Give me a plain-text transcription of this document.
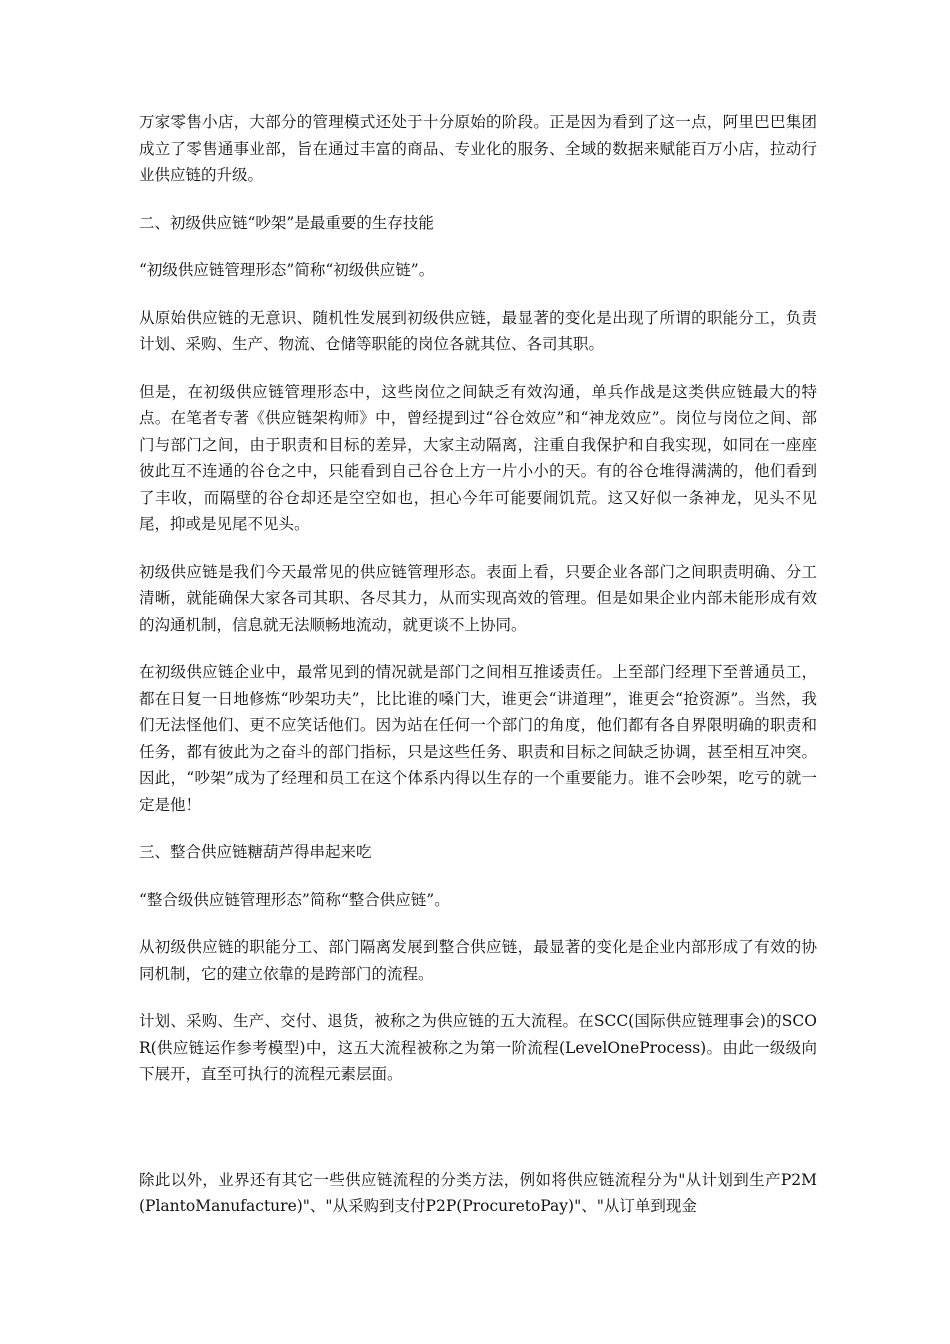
万家零售小店，大部分的管理模式还处于十分原始的阶段。正是因为看到了这一点，阿里巴巴集团成立了零售通事业部，旨在通过丰富的商品、专业化的服务、全域的数据来赋能百万小店，拉动行业供应链的升级。

二、初级供应链“吵架”是最重要的生存技能

“初级供应链管理形态”简称“初级供应链”。

从原始供应链的无意识、随机性发展到初级供应链，最显著的变化是出现了所谓的职能分工，负责计划、采购、生产、物流、仓储等职能的岗位各就其位、各司其职。

但是，在初级供应链管理形态中，这些岗位之间缺乏有效沟通，单兵作战是这类供应链最大的特点。在笔者专著《供应链架构师》中，曾经提到过“谷仓效应”和“神龙效应”。岗位与岗位之间、部门与部门之间，由于职责和目标的差异，大家主动隔离，注重自我保护和自我实现，如同在一座座彼此互不连通的谷仓之中，只能看到自己谷仓上方一片小小的天。有的谷仓堆得满满的，他们看到了丰收，而隔壁的谷仓却还是空空如也，担心今年可能要闹饥荒。这又好似一条神龙，见头不见尾，抑或是见尾不见头。

初级供应链是我们今天最常见的供应链管理形态。表面上看，只要企业各部门之间职责明确、分工清晰，就能确保大家各司其职、各尽其力，从而实现高效的管理。但是如果企业内部未能形成有效的沟通机制，信息就无法顺畅地流动，就更谈不上协同。

在初级供应链企业中，最常见到的情况就是部门之间相互推诿责任。上至部门经理下至普通员工，都在日复一日地修炼“吵架功夫”，比比谁的嗓门大，谁更会“讲道理”，谁更会“抢资源”。当然，我们无法怪他们、更不应笑话他们。因为站在任何一个部门的角度，他们都有各自界限明确的职责和任务，都有彼此为之奋斗的部门指标，只是这些任务、职责和目标之间缺乏协调，甚至相互冲突。因此，“吵架”成为了经理和员工在这个体系内得以生存的一个重要能力。谁不会吵架，吃亏的就一定是他！

三、整合供应链糖葫芦得串起来吃

“整合级供应链管理形态”简称“整合供应链”。

从初级供应链的职能分工、部门隔离发展到整合供应链，最显著的变化是企业内部形成了有效的协同机制，它的建立依靠的是跨部门的流程。

计划、采购、生产、交付、退货，被称之为供应链的五大流程。在SCC(国际供应链理事会)的SCOR(供应链运作参考模型)中，这五大流程被称之为第一阶流程(LevelOneProcess)。由此一级级向下展开，直至可执行的流程元素层面。

除此以外，业界还有其它一些供应链流程的分类方法，例如将供应链流程分为"从计划到生产P2M(PlantoManufacture)"、"从采购到支付P2P(ProcuretoPay)"、"从订单到现金
